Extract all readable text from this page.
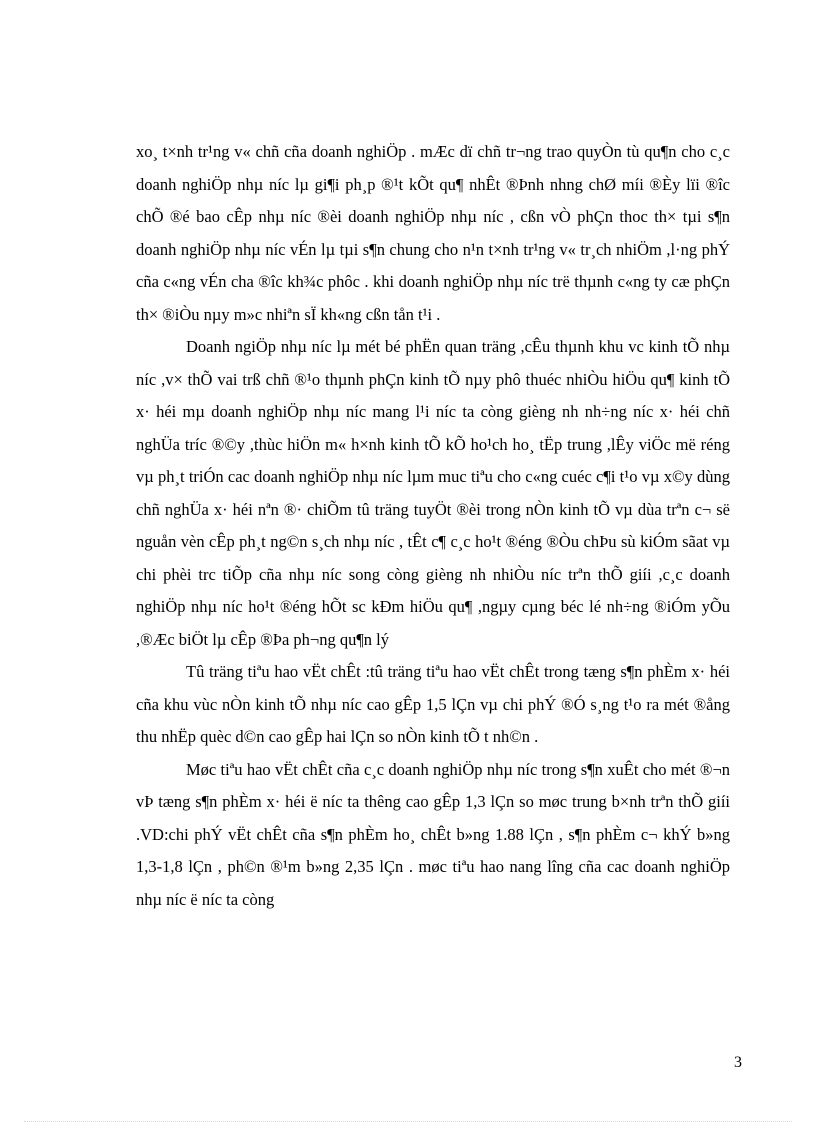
xo¸ t×nh tr¹ng v« chñ cña doanh nghiÖp . mÆc dï chñ tr¬ng trao quyÒn tù qu¶n cho c¸c doanh nghiÖp nhµ níc lµ gi¶i ph¸p ®¹t kÕt qu¶ nhÊt ®Þnh nhng chØ míi ®Èy lïi ®îc chÕ ®é bao cÊp nhµ níc ®èi doanh nghiÖp nhµ níc , cßn vÒ phÇn thoc th× tµi s¶n doanh nghiÖp nhµ níc vÉn lµ tµi s¶n chung cho n¹n t×nh tr¹ng v« tr¸ch nhiÖm ,l·ng phÝ cña c«ng vÉn cha ®îc kh¾c phôc . khi doanh nghiÖp nhµ níc trë thµnh c«ng ty cæ phÇn th× ®iÒu nµy m»c nhiªn sÏ kh«ng cßn tån t¹i .

Doanh ngiÖp nhµ níc lµ mét bé phËn quan träng ,cÊu thµnh khu vc kinh tÕ nhµ níc ,v× thÕ vai trß chñ ®¹o thµnh phÇn kinh tÕ nµy phô thuéc nhiÒu hiÖu qu¶ kinh tÕ x· héi mµ doanh nghiÖp nhµ níc mang l¹i níc ta còng gièng nh nh÷ng níc x· héi chñ nghÜa tríc ®©y ,thùc hiÖn m« h×nh kinh tÕ kÕ ho¹ch ho¸ tËp trung ,lÊy viÖc më réng vµ ph¸t triÓn cac doanh nghiÖp nhµ níc lµm muc tiªu cho c«ng cuéc c¶i t¹o vµ x©y dùng chñ nghÜa x· héi nªn ®· chiÕm tû träng tuyÖt ®èi trong nÒn kinh tÕ vµ dùa trªn c¬ së nguån vèn cÊp ph¸t ng©n s¸ch nhµ níc , tÊt c¶ c¸c ho¹t ®éng ®Òu chÞu sù kiÓm sãat vµ chi phèi trc tiÕp cña nhµ níc song còng gièng nh nhiÒu níc trªn thÕ giíi ,c¸c doanh nghiÖp nhµ níc ho¹t ®éng hÕt sc kÐm hiÖu qu¶ ,ngµy cµng béc lé nh÷ng ®iÓm yÕu ,®Æc biÖt lµ cÊp ®Þa ph¬ng qu¶n lý

Tû träng tiªu hao vËt chÊt :tû träng tiªu hao vËt chÊt trong tæng s¶n phÈm x· héi cña khu vùc nÒn kinh tÕ nhµ níc cao gÊp 1,5 lÇn vµ chi phÝ ®Ó s¸ng t¹o ra mét ®ång thu nhËp quèc d©n cao gÊp hai lÇn so nÒn kinh tÕ t nh©n .

Møc tiªu hao vËt chÊt cña c¸c doanh nghiÖp nhµ níc trong s¶n xuÊt cho mét ®¬n vÞ tæng s¶n phÈm x· héi ë níc ta thêng cao gÊp 1,3 lÇn so møc trung b×nh trªn thÕ giíi .VD:chi phÝ vËt chÊt cña s¶n phÈm ho¸ chÊt b»ng 1.88 lÇn , s¶n phÈm c¬ khÝ b»ng 1,3-1,8 lÇn , ph©n ®¹m b»ng 2,35 lÇn . møc tiªu hao nang lîng cña cac doanh nghiÖp nhµ níc ë níc ta còng

3
